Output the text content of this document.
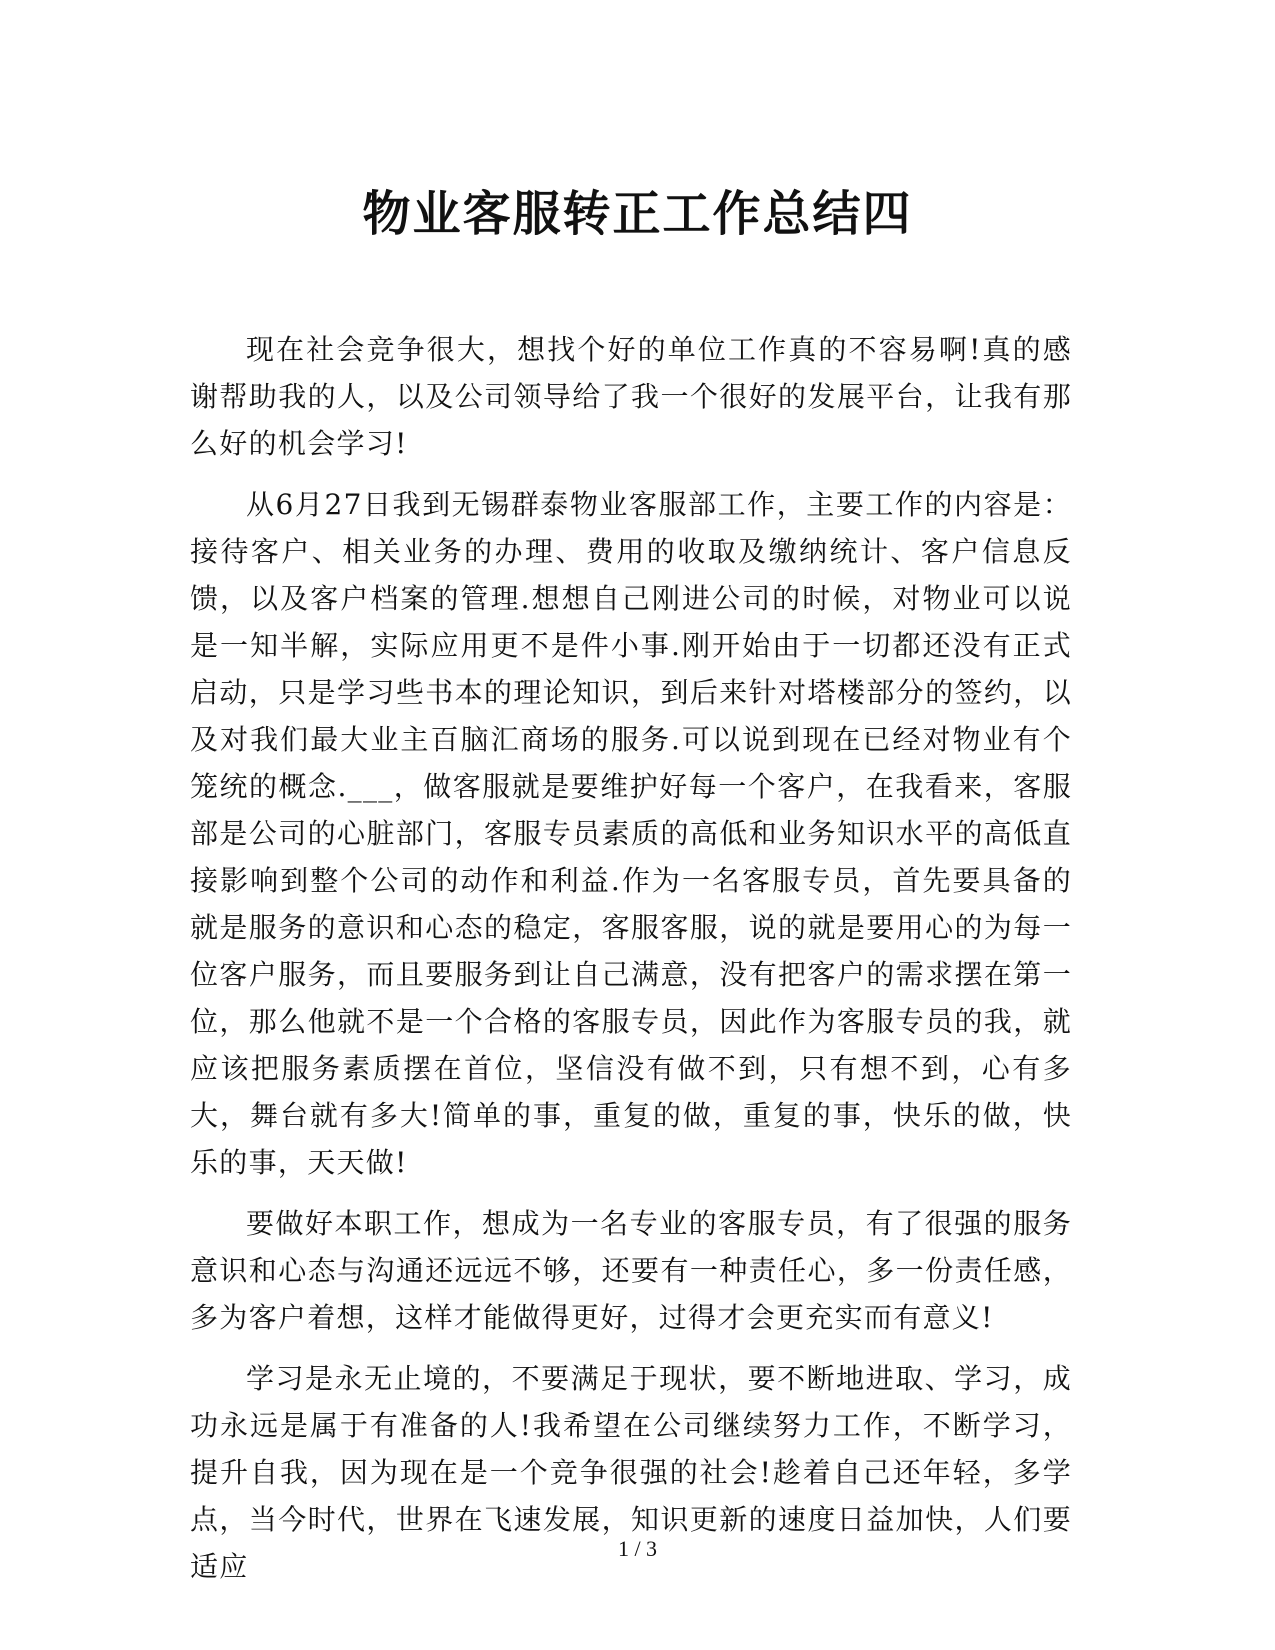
物业客服转正工作总结四

现在社会竞争很大，想找个好的单位工作真的不容易啊!真的感谢帮助我的人，以及公司领导给了我一个很好的发展平台，让我有那么好的机会学习!

从6月27日我到无锡群泰物业客服部工作，主要工作的内容是：接待客户、相关业务的办理、费用的收取及缴纳统计、客户信息反馈，以及客户档案的管理.想想自己刚进公司的时候，对物业可以说是一知半解，实际应用更不是件小事.刚开始由于一切都还没有正式启动，只是学习些书本的理论知识，到后来针对塔楼部分的签约，以及对我们最大业主百脑汇商场的服务.可以说到现在已经对物业有个笼统的概念.___，做客服就是要维护好每一个客户，在我看来，客服部是公司的心脏部门，客服专员素质的高低和业务知识水平的高低直接影响到整个公司的动作和利益.作为一名客服专员，首先要具备的就是服务的意识和心态的稳定，客服客服，说的就是要用心的为每一位客户服务，而且要服务到让自己满意，没有把客户的需求摆在第一位，那么他就不是一个合格的客服专员，因此作为客服专员的我，就应该把服务素质摆在首位，坚信没有做不到，只有想不到，心有多大，舞台就有多大!简单的事，重复的做，重复的事，快乐的做，快乐的事，天天做!

要做好本职工作，想成为一名专业的客服专员，有了很强的服务意识和心态与沟通还远远不够，还要有一种责任心，多一份责任感，多为客户着想，这样才能做得更好，过得才会更充实而有意义!

学习是永无止境的，不要满足于现状，要不断地进取、学习，成功永远是属于有准备的人!我希望在公司继续努力工作，不断学习，提升自我，因为现在是一个竞争很强的社会!趁着自己还年轻，多学点，当今时代，世界在飞速发展，知识更新的速度日益加快，人们要适应

1 / 3
